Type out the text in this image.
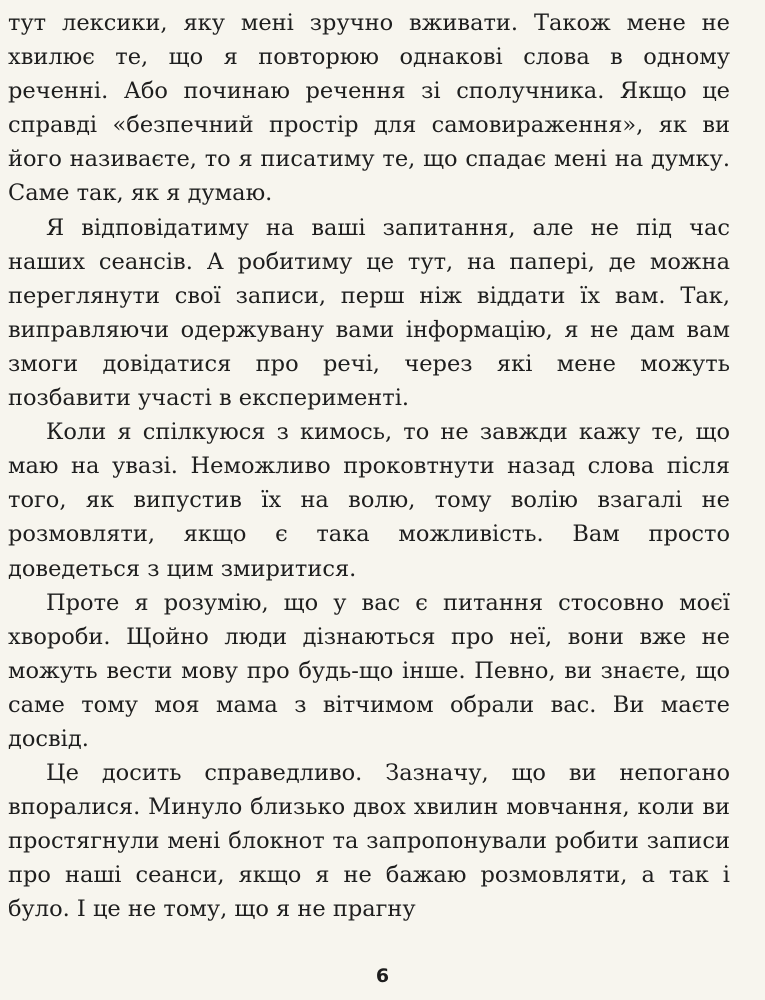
тут лексики, яку мені зручно вживати. Також мене не хвилює те, що я повторюю однакові слова в одному реченні. Або починаю речення зі сполучника. Якщо це справді «безпечний простір для самовираження», як ви його називаєте, то я писатиму те, що спадає мені на думку. Саме так, як я думаю.

Я відповідатиму на ваші запитання, але не під час наших сеансів. А робитиму це тут, на папері, де можна переглянути свої записи, перш ніж віддати їх вам. Так, виправляючи одержувану вами інформацію, я не дам вам змоги довідатися про речі, через які мене можуть позбавити участі в експерименті.

Коли я спілкуюся з кимось, то не завжди кажу те, що маю на увазі. Неможливо проковтнути назад слова після того, як випустив їх на волю, тому волію взагалі не розмовляти, якщо є така можливість. Вам просто доведеться з цим змиритися.

Проте я розумію, що у вас є питання стосовно моєї хвороби. Щойно люди дізнаються про неї, вони вже не можуть вести мову про будь-що інше. Певно, ви знаєте, що саме тому моя мама з вітчимом обрали вас. Ви маєте досвід.

Це досить справедливо. Зазначу, що ви непогано впоралися. Минуло близько двох хвилин мовчання, коли ви простягнули мені блокнот та запропонували робити записи про наші сеанси, якщо я не бажаю розмовляти, а так і було. І це не тому, що я не прагну

6
